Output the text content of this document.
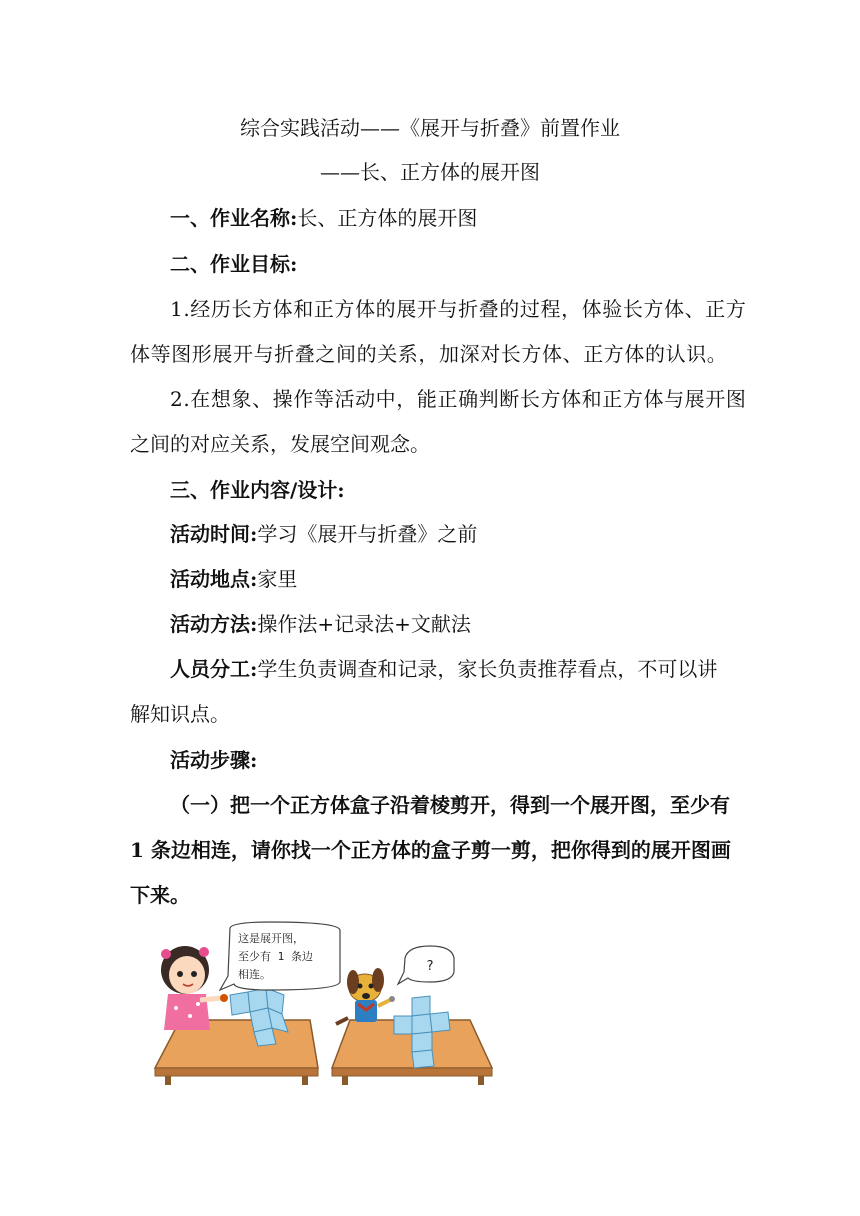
综合实践活动——《展开与折叠》前置作业
——长、正方体的展开图
一、作业名称:长、正方体的展开图
二、作业目标:
1.经历长方体和正方体的展开与折叠的过程，体验长方体、正方
体等图形展开与折叠之间的关系，加深对长方体、正方体的认识。
2.在想象、操作等活动中，能正确判断长方体和正方体与展开图
之间的对应关系，发展空间观念。
三、作业内容/设计:
活动时间:学习《展开与折叠》之前
活动地点:家里
活动方法:操作法+记录法+文献法
人员分工:学生负责调查和记录，家长负责推荐看点，不可以讲
解知识点。
活动步骤:
（一）把一个正方体盒子沿着棱剪开，得到一个展开图，至少有
1 条边相连，请你找一个正方体的盒子剪一剪，把你得到的展开图画
下来。
这是展开图，
至少有 1 条边
相连。
?
